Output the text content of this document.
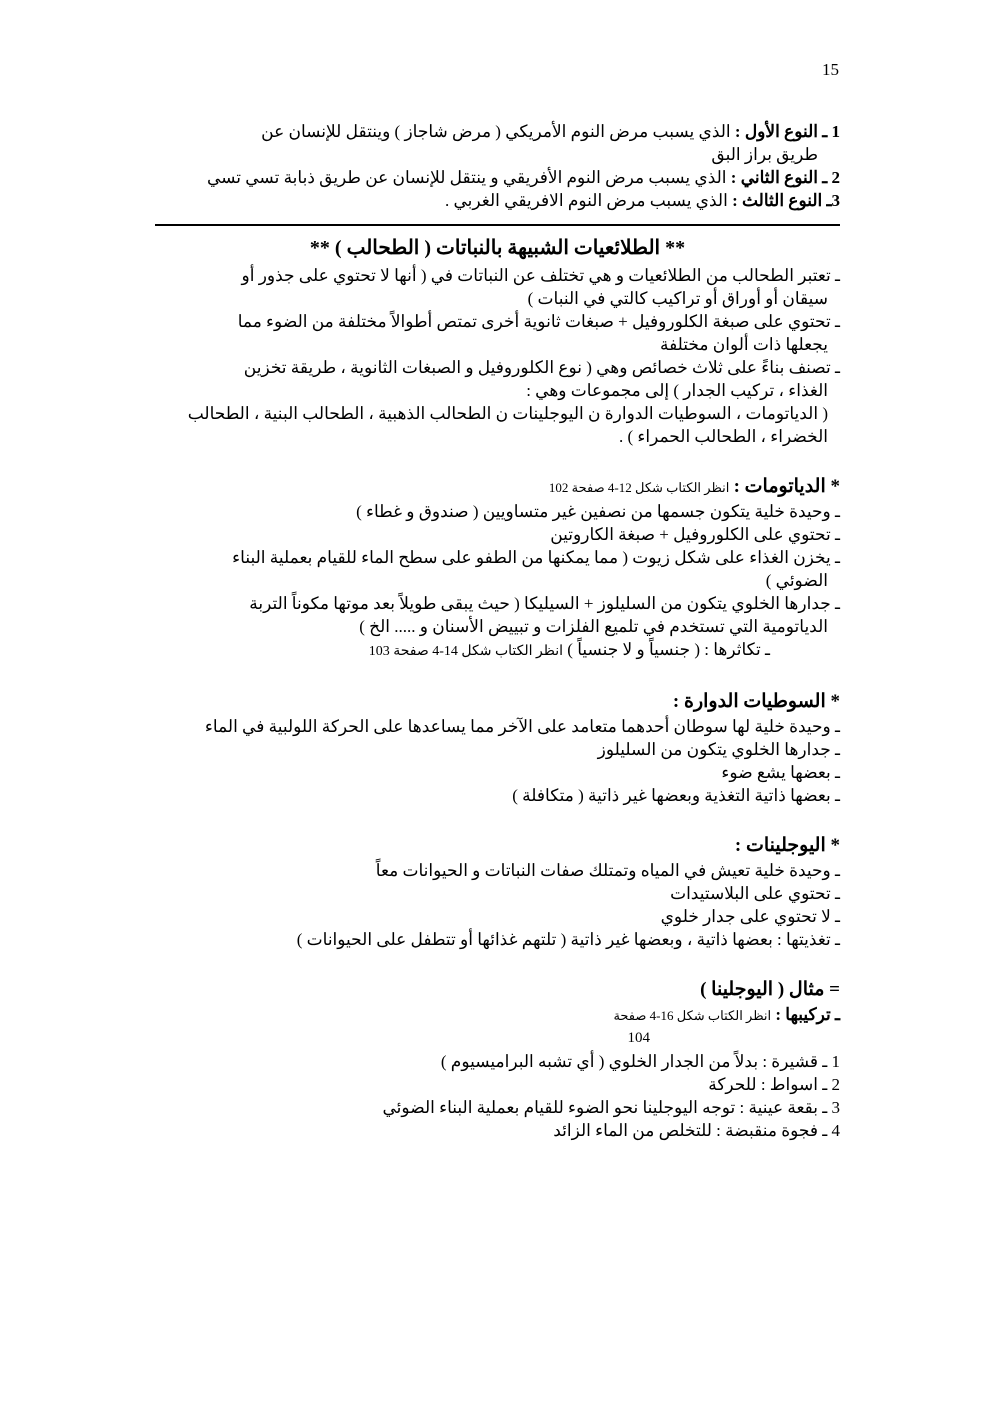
15
1 ـ النوع الأول : الذي يسبب مرض النوم الأمريكي ( مرض شاجاز ) وينتقل للإنسان عن
طريق براز البق
2 ـ النوع الثاني : الذي يسبب مرض النوم الأفريقي و ينتقل للإنسان عن طريق ذبابة تسي تسي
3ـ النوع الثالث : الذي يسبب مرض النوم الافريقي الغربي .
** الطلائعيات الشبيهة بالنباتات ( الطحالب ) **
ـ تعتبر الطحالب من الطلائعيات و هي تختلف عن النباتات في ( أنها لا تحتوي على جذور أو
سيقان أو أوراق أو تراكيب كالتي في النبات )
ـ تحتوي على صبغة الكلوروفيل + صبغات ثانوية أخرى تمتص أطوالاً مختلفة من الضوء مما
يجعلها ذات ألوان مختلفة
ـ تصنف بناءً على ثلاث خصائص وهي ( نوع الكلوروفيل و الصبغات الثانوية ، طريقة تخزين
الغذاء ، تركيب الجدار ) إلى مجموعات وهي :
( الدياتومات ، السوطيات الدوارة ن اليوجلينات ن الطحالب الذهبية ، الطحالب البنية ، الطحالب
الخضراء ، الطحالب الحمراء ) .
* الدياتومات : انظر الكتاب شكل 12-4 صفحة 102
ـ وحيدة خلية يتكون جسمها من نصفين غير متساويين ( صندوق و غطاء )
ـ تحتوي على الكلوروفيل + صبغة الكاروتين
ـ يخزن الغذاء على شكل زيوت ( مما يمكنها من الطفو على سطح الماء للقيام بعملية البناء
الضوئي )
ـ جدارها الخلوي يتكون من السليلوز + السيليكا ( حيث يبقى طويلاً بعد موتها مكوناً التربة
الدياتومية التي تستخدم في تلميع الفلزات و تبييض الأسنان و ..... الخ )
ـ تكاثرها : ( جنسياً و لا جنسياً ) انظر الكتاب شكل 14-4 صفحة 103
* السوطيات الدوارة :
ـ وحيدة خلية لها سوطان أحدهما متعامد على الآخر مما يساعدها على الحركة اللولبية في الماء
ـ جدارها الخلوي يتكون من السليلوز
ـ بعضها يشع ضوء
ـ بعضها ذاتية التغذية وبعضها غير ذاتية ( متكافلة )
* اليوجلينات :
ـ وحيدة خلية تعيش في المياه وتمتلك صفات النباتات و الحيوانات معاً
ـ تحتوي على البلاستيدات
ـ لا تحتوي على جدار خلوي
ـ تغذيتها : بعضها ذاتية ، وبعضها غير ذاتية ( تلتهم غذائها أو تتطفل على الحيوانات )
= مثال ( اليوجلينا )
ـ تركيبها : انظر الكتاب شكل 16-4 صفحة
104
1 ـ قشيرة : بدلاً من الجدار الخلوي ( أي تشبه البراميسيوم )
2 ـ اسواط : للحركة
3 ـ بقعة عينية : توجه اليوجلينا نحو الضوء للقيام بعملية البناء الضوئي
4 ـ فجوة منقبضة : للتخلص من الماء الزائد
